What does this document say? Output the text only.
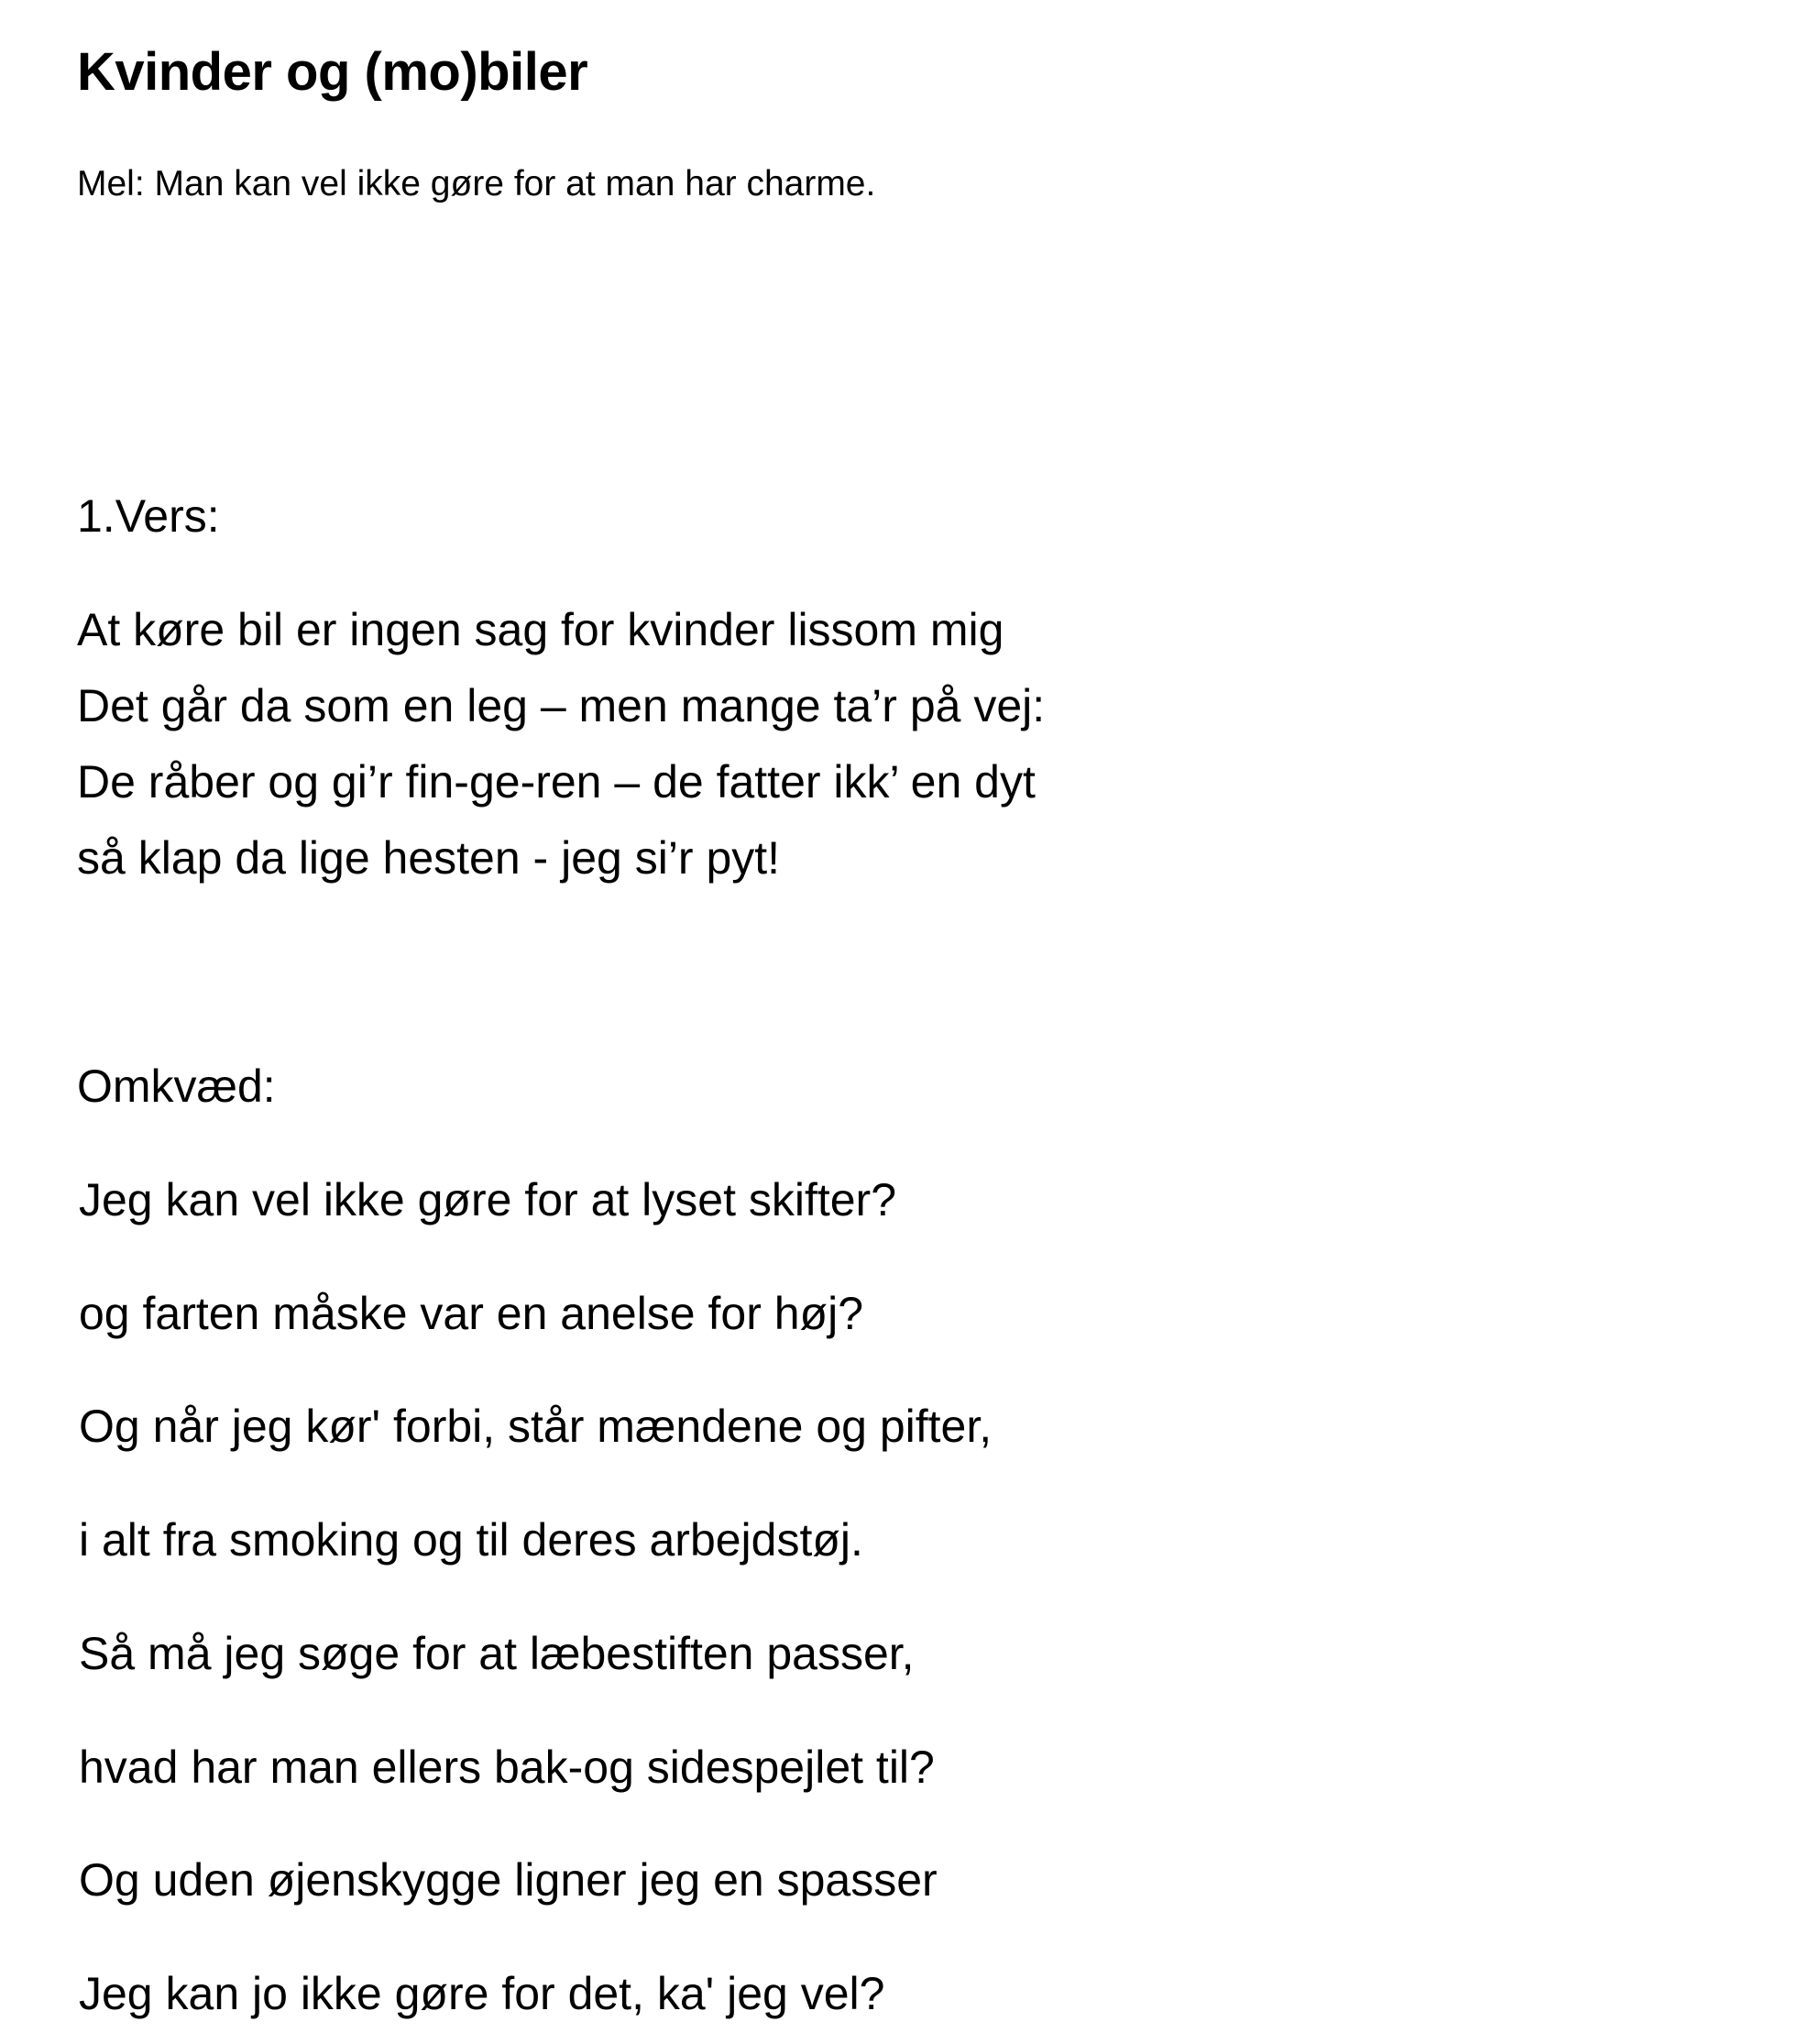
Kvinder og (mo)biler

Mel: Man kan vel ikke gøre for at man har charme.

1.Vers:

At køre bil er ingen sag for kvinder lissom mig

Det går da som en leg – men mange ta’r på vej:

De råber og gi’r fin-ge-ren – de fatter ikk’ en dyt

så klap da lige hesten - jeg si’r pyt!

Omkvæd:

Jeg kan vel ikke gøre for at lyset skifter?

og farten måske var en anelse for høj?

Og når jeg kør' forbi, står mændene og pifter,

i alt fra smoking og til deres arbejdstøj.

Så må jeg søge for at læbestiften passer,

hvad har man ellers bak-og sidespejlet til?

Og uden øjenskygge ligner jeg en spasser

Jeg kan jo ikke gøre for det, ka' jeg vel?
